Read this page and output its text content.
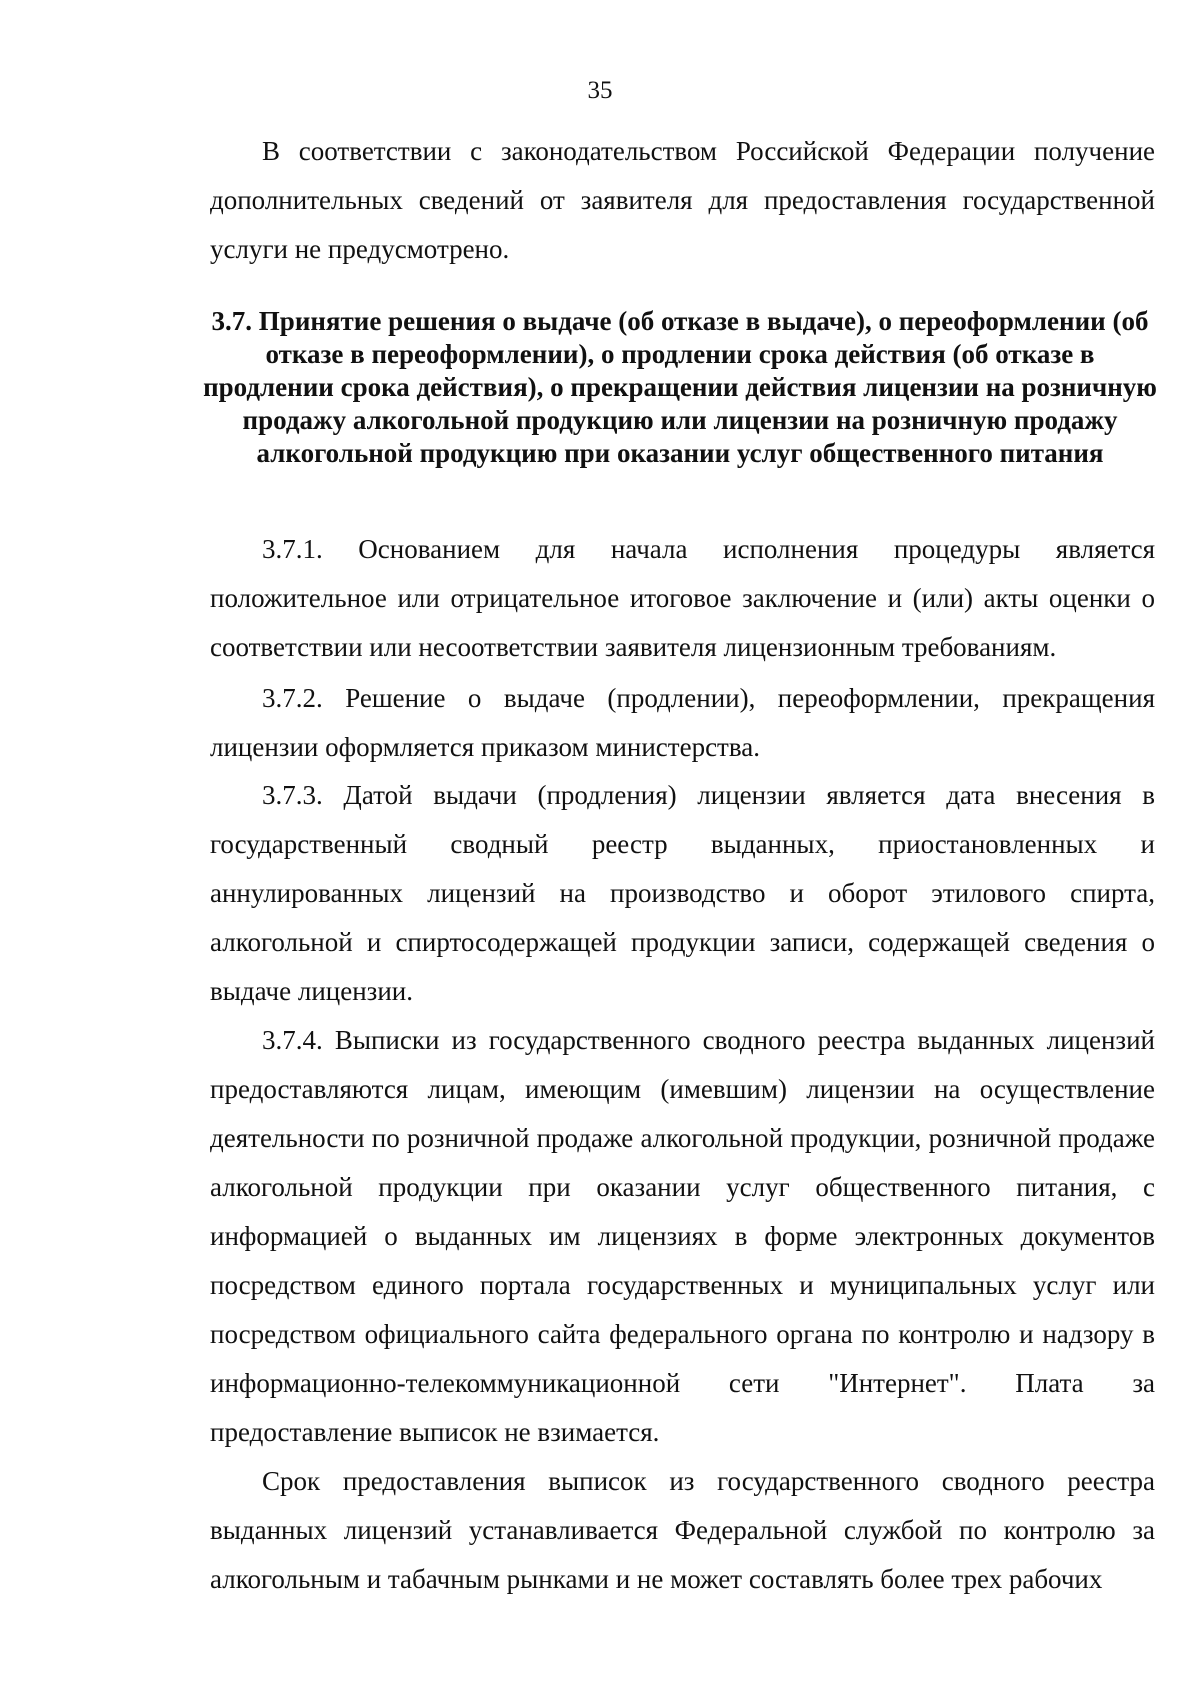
35

В соответствии с законодательством Российской Федерации получение дополнительных сведений от заявителя для предоставления государственной услуги не предусмотрено.

3.7. Принятие решения о выдаче (об отказе в выдаче), о переоформлении (об отказе в переоформлении), о продлении срока действия (об отказе в продлении срока действия), о прекращении действия лицензии на розничную продажу алкогольной продукцию или лицензии на розничную продажу алкогольной продукцию при оказании услуг общественного питания

3.7.1. Основанием для начала исполнения процедуры является положительное или отрицательное итоговое заключение и (или) акты оценки о соответствии или несоответствии заявителя лицензионным требованиям.

3.7.2. Решение о выдаче (продлении), переоформлении, прекращения лицензии оформляется приказом министерства.

3.7.3. Датой выдачи (продления) лицензии является дата внесения в государственный сводный реестр выданных, приостановленных и аннулированных лицензий на производство и оборот этилового спирта, алкогольной и спиртосодержащей продукции записи, содержащей сведения о выдаче лицензии.

3.7.4. Выписки из государственного сводного реестра выданных лицензий предоставляются лицам, имеющим (имевшим) лицензии на осуществление деятельности по розничной продаже алкогольной продукции, розничной продаже алкогольной продукции при оказании услуг общественного питания, с информацией о выданных им лицензиях в форме электронных документов посредством единого портала государственных и муниципальных услуг или посредством официального сайта федерального органа по контролю и надзору в информационно-телекоммуникационной сети "Интернет". Плата за предоставление выписок не взимается.

Срок предоставления выписок из государственного сводного реестра выданных лицензий устанавливается Федеральной службой по контролю за алкогольным и табачным рынками и не может составлять более трех рабочих
